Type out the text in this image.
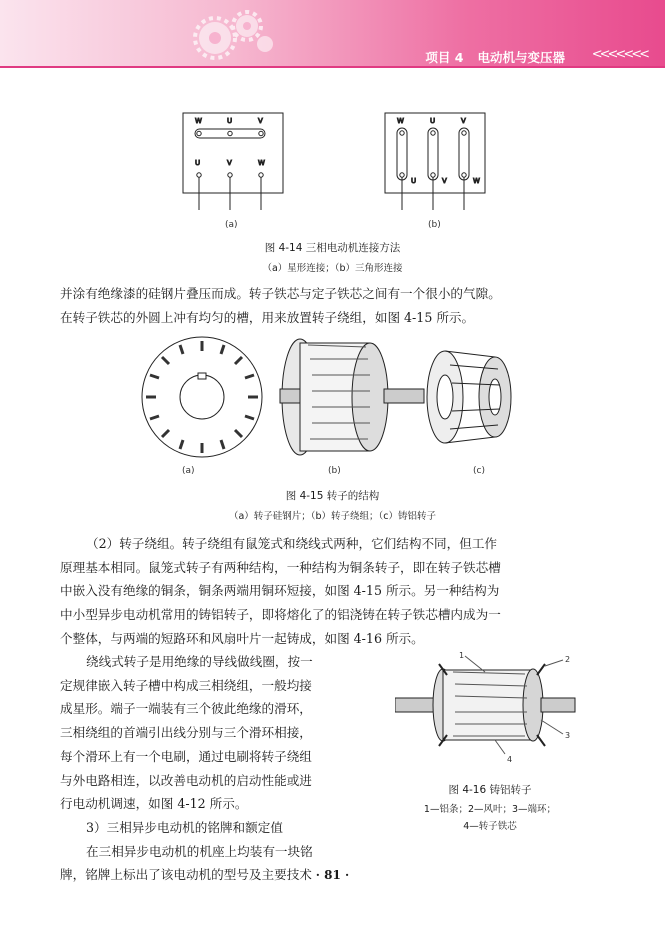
项目 4 电动机与变压器 <<<<<<<
W	U	V
U	V	W
W	U	V
U	V	W
(a)	(b)
图 4-14 三相电动机连接方法
（a）星形连接；（b）三角形连接

并涂有绝缘漆的硅钢片叠压而成。转子铁芯与定子铁芯之间有一个很小的气隙。

在转子铁芯的外圆上冲有均匀的槽，用来放置转子绕组，如图 4-15 所示。

(a)	(b)	(c)
图 4-15 转子的结构
（a）转子硅钢片；（b）转子绕组；（c）铸铝转子

（2）转子绕组。转子绕组有鼠笼式和绕线式两种，它们结构不同，但工作

原理基本相同。鼠笼式转子有两种结构，一种结构为铜条转子，即在转子铁芯槽

中嵌入没有绝缘的铜条，铜条两端用铜环短接，如图 4-15 所示。另一种结构为

中小型异步电动机常用的铸铝转子，即将熔化了的铝浇铸在转子铁芯槽内成为一

个整体，与两端的短路环和风扇叶片一起铸成，如图 4-16 所示。

绕线式转子是用绝缘的导线做线圈，按一

定规律嵌入转子槽中构成三相绕组，一般均接

成星形。端子一端装有三个彼此绝缘的滑环，

三相绕组的首端引出线分别与三个滑环相接，

每个滑环上有一个电刷，通过电刷将转子绕组

与外电路相连，以改善电动机的启动性能或进

行电动机调速，如图 4-12 所示。

3）三相异步电动机的铭牌和额定值

在三相异步电动机的机座上均装有一块铭

牌，铭牌上标出了该电动机的型号及主要技术

1	2
3
4
图 4-16 铸铝转子
1—铝条；2—风叶；3—端环；
4—转子铁芯
· 81 ·
